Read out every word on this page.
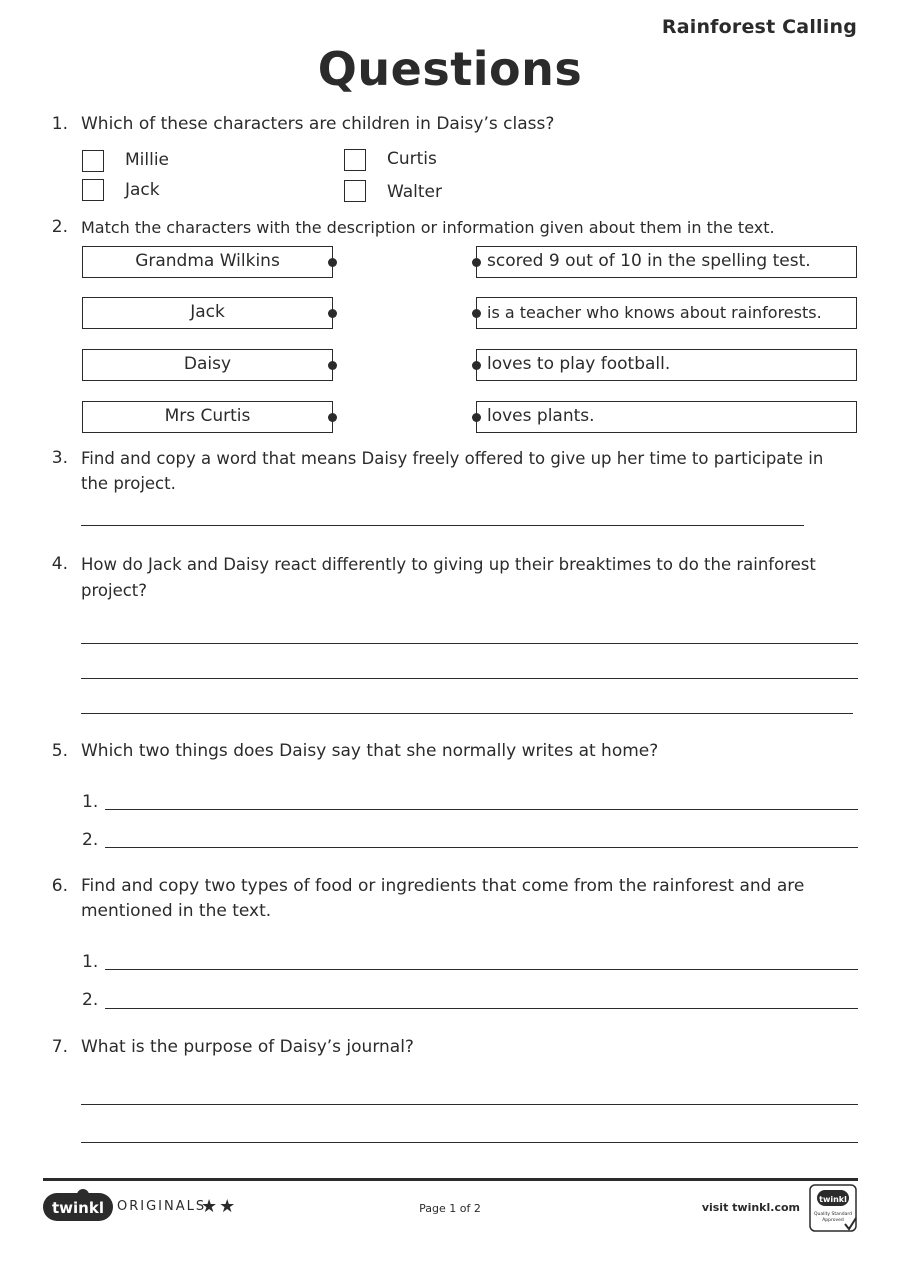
Rainforest Calling
Questions
1. Which of these characters are children in Daisy’s class?
Millie
Jack
Curtis
Walter
2. Match the characters with the description or information given about them in the text.
Grandma Wilkins	scored 9 out of 10 in the spelling test.
Jack	is a teacher who knows about rainforests.
Daisy	loves to play football.
Mrs Curtis	loves plants.
3. Find and copy a word that means Daisy freely offered to give up her time to participate in
the project.
4. How do Jack and Daisy react differently to giving up their breaktimes to do the rainforest
project?
5. Which two things does Daisy say that she normally writes at home?
1.
2.
6. Find and copy two types of food or ingredients that come from the rainforest and are
mentioned in the text.
1.
2.
7. What is the purpose of Daisy’s journal?
twinkl ORIGINALS
★★	Page 1 of 2	visit twinkl.com
twinkl
Quality Standard
Approved
